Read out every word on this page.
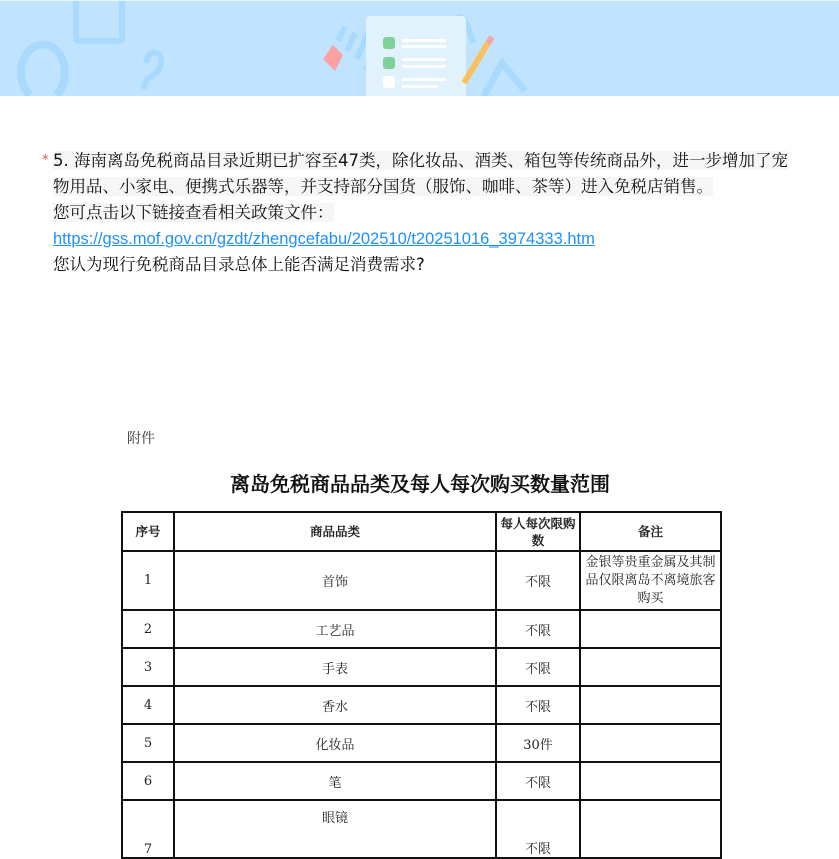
* 5. 海南离岛免税商品目录近期已扩容至47类，除化妆品、酒类、箱包等传统商品外，进一步增加了宠物用品、小家电、便携式乐器等，并支持部分国货（服饰、咖啡、茶等）进入免税店销售。
您可点击以下链接查看相关政策文件：
https://gss.mof.gov.cn/gzdt/zhengcefabu/202510/t20251016_3974333.htm
您认为现行免税商品目录总体上能否满足消费需求?
附件
离岛免税商品品类及每人每次购买数量范围
序号	商品品类	每人每次限购数	备注
1	首饰	不限	金银等贵重金属及其制品仅限离岛不离境旅客购买
2	工艺品	不限	
3	手表	不限	
4	香水	不限	
5	化妆品	30件	
6	笔	不限	
7	眼镜	不限	
